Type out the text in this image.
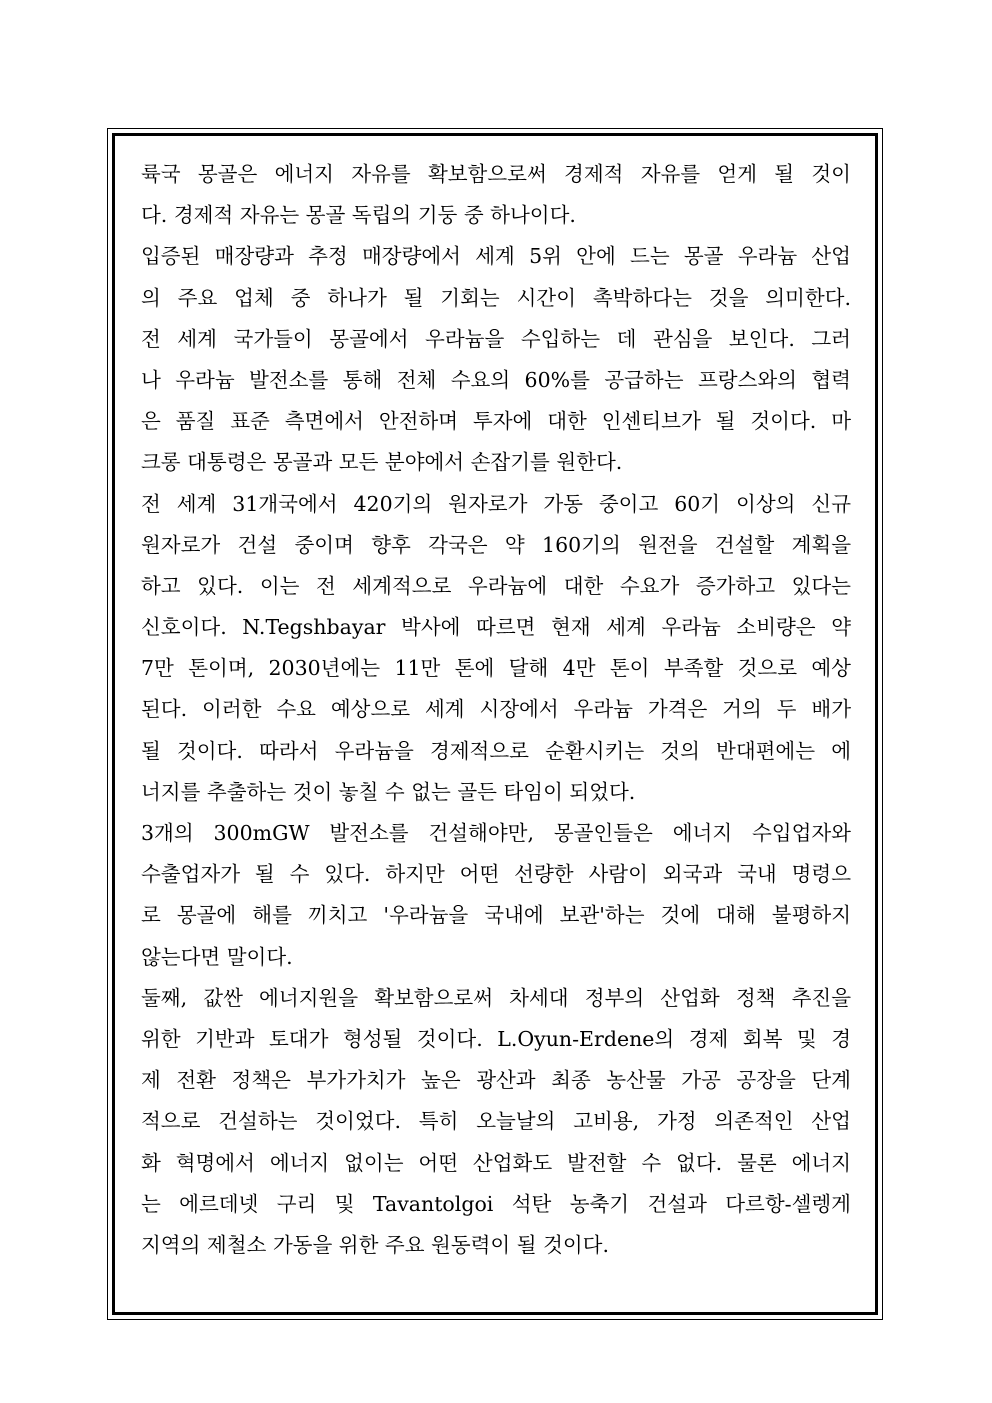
륙국 몽골은 에너지 자유를 확보함으로써 경제적 자유를 얻게 될 것이
다. 경제적 자유는 몽골 독립의 기둥 중 하나이다.
입증된 매장량과 추정 매장량에서 세계 5위 안에 드는 몽골 우라늄 산업
의 주요 업체 중 하나가 될 기회는 시간이 촉박하다는 것을 의미한다.
전 세계 국가들이 몽골에서 우라늄을 수입하는 데 관심을 보인다. 그러
나 우라늄 발전소를 통해 전체 수요의 60%를 공급하는 프랑스와의 협력
은 품질 표준 측면에서 안전하며 투자에 대한 인센티브가 될 것이다. 마
크롱 대통령은 몽골과 모든 분야에서 손잡기를 원한다.
전 세계 31개국에서 420기의 원자로가 가동 중이고 60기 이상의 신규
원자로가 건설 중이며 향후 각국은 약 160기의 원전을 건설할 계획을
하고 있다. 이는 전 세계적으로 우라늄에 대한 수요가 증가하고 있다는
신호이다. N.Tegshbayar 박사에 따르면 현재 세계 우라늄 소비량은 약
7만 톤이며, 2030년에는 11만 톤에 달해 4만 톤이 부족할 것으로 예상
된다. 이러한 수요 예상으로 세계 시장에서 우라늄 가격은 거의 두 배가
될 것이다. 따라서 우라늄을 경제적으로 순환시키는 것의 반대편에는 에
너지를 추출하는 것이 놓칠 수 없는 골든 타임이 되었다.
3개의 300mGW 발전소를 건설해야만, 몽골인들은 에너지 수입업자와
수출업자가 될 수 있다. 하지만 어떤 선량한 사람이 외국과 국내 명령으
로 몽골에 해를 끼치고 '우라늄을 국내에 보관'하는 것에 대해 불평하지
않는다면 말이다.
둘째, 값싼 에너지원을 확보함으로써 차세대 정부의 산업화 정책 추진을
위한 기반과 토대가 형성될 것이다. L.Oyun-Erdene의 경제 회복 및 경
제 전환 정책은 부가가치가 높은 광산과 최종 농산물 가공 공장을 단계
적으로 건설하는 것이었다. 특히 오늘날의 고비용, 가정 의존적인 산업
화 혁명에서 에너지 없이는 어떤 산업화도 발전할 수 없다. 물론 에너지
는 에르데넷 구리 및 Tavantolgoi 석탄 농축기 건설과 다르항-셀렝게
지역의 제철소 가동을 위한 주요 원동력이 될 것이다.
